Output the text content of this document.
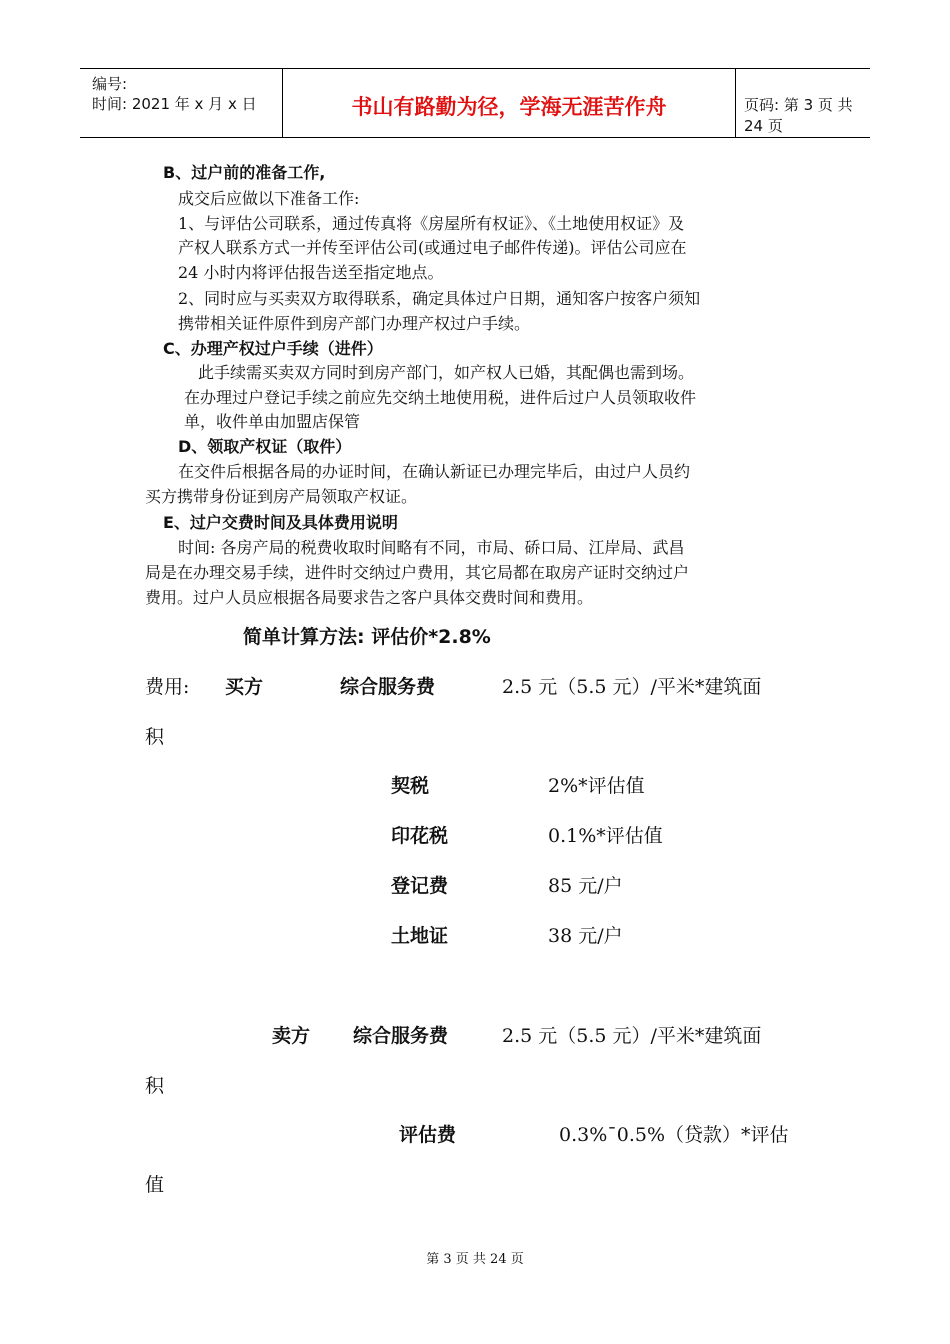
编号:
时间: 2021 年 x 月 x 日	书山有路勤为径，学海无涯苦作舟	页码: 第 3 页 共 24 页
B、过户前的准备工作,
成交后应做以下准备工作:
1、与评估公司联系，通过传真将《房屋所有权证》、《土地使用权证》及
产权人联系方式一并传至评估公司(或通过电子邮件传递)。评估公司应在
24 小时内将评估报告送至指定地点。
2、同时应与买卖双方取得联系，确定具体过户日期，通知客户按客户须知
携带相关证件原件到房产部门办理产权过户手续。
C、办理产权过户手续（进件）
此手续需买卖双方同时到房产部门，如产权人已婚，其配偶也需到场。
在办理过户登记手续之前应先交纳土地使用税，进件后过户人员领取收件
单，收件单由加盟店保管
D、领取产权证（取件）
在交件后根据各局的办证时间，在确认新证已办理完毕后，由过户人员约
买方携带身份证到房产局领取产权证。
E、过户交费时间及具体费用说明
时间: 各房产局的税费收取时间略有不同，市局、硚口局、江岸局、武昌
局是在办理交易手续，进件时交纳过户费用，其它局都在取房产证时交纳过户
费用。过户人员应根据各局要求告之客户具体交费时间和费用。
简单计算方法: 评估价*2.8%
费用: 买方	综合服务费	2.5 元（5.5 元）/平米*建筑面
积
契税	2%*评估值
印花税	0.1%*评估值
登记费	85 元/户
土地证	38 元/户
卖方 综合服务费	2.5 元（5.5 元）/平米*建筑面
积
评估费	0.3%¯0.5%（贷款）*评估
值
第 3 页 共 24 页
